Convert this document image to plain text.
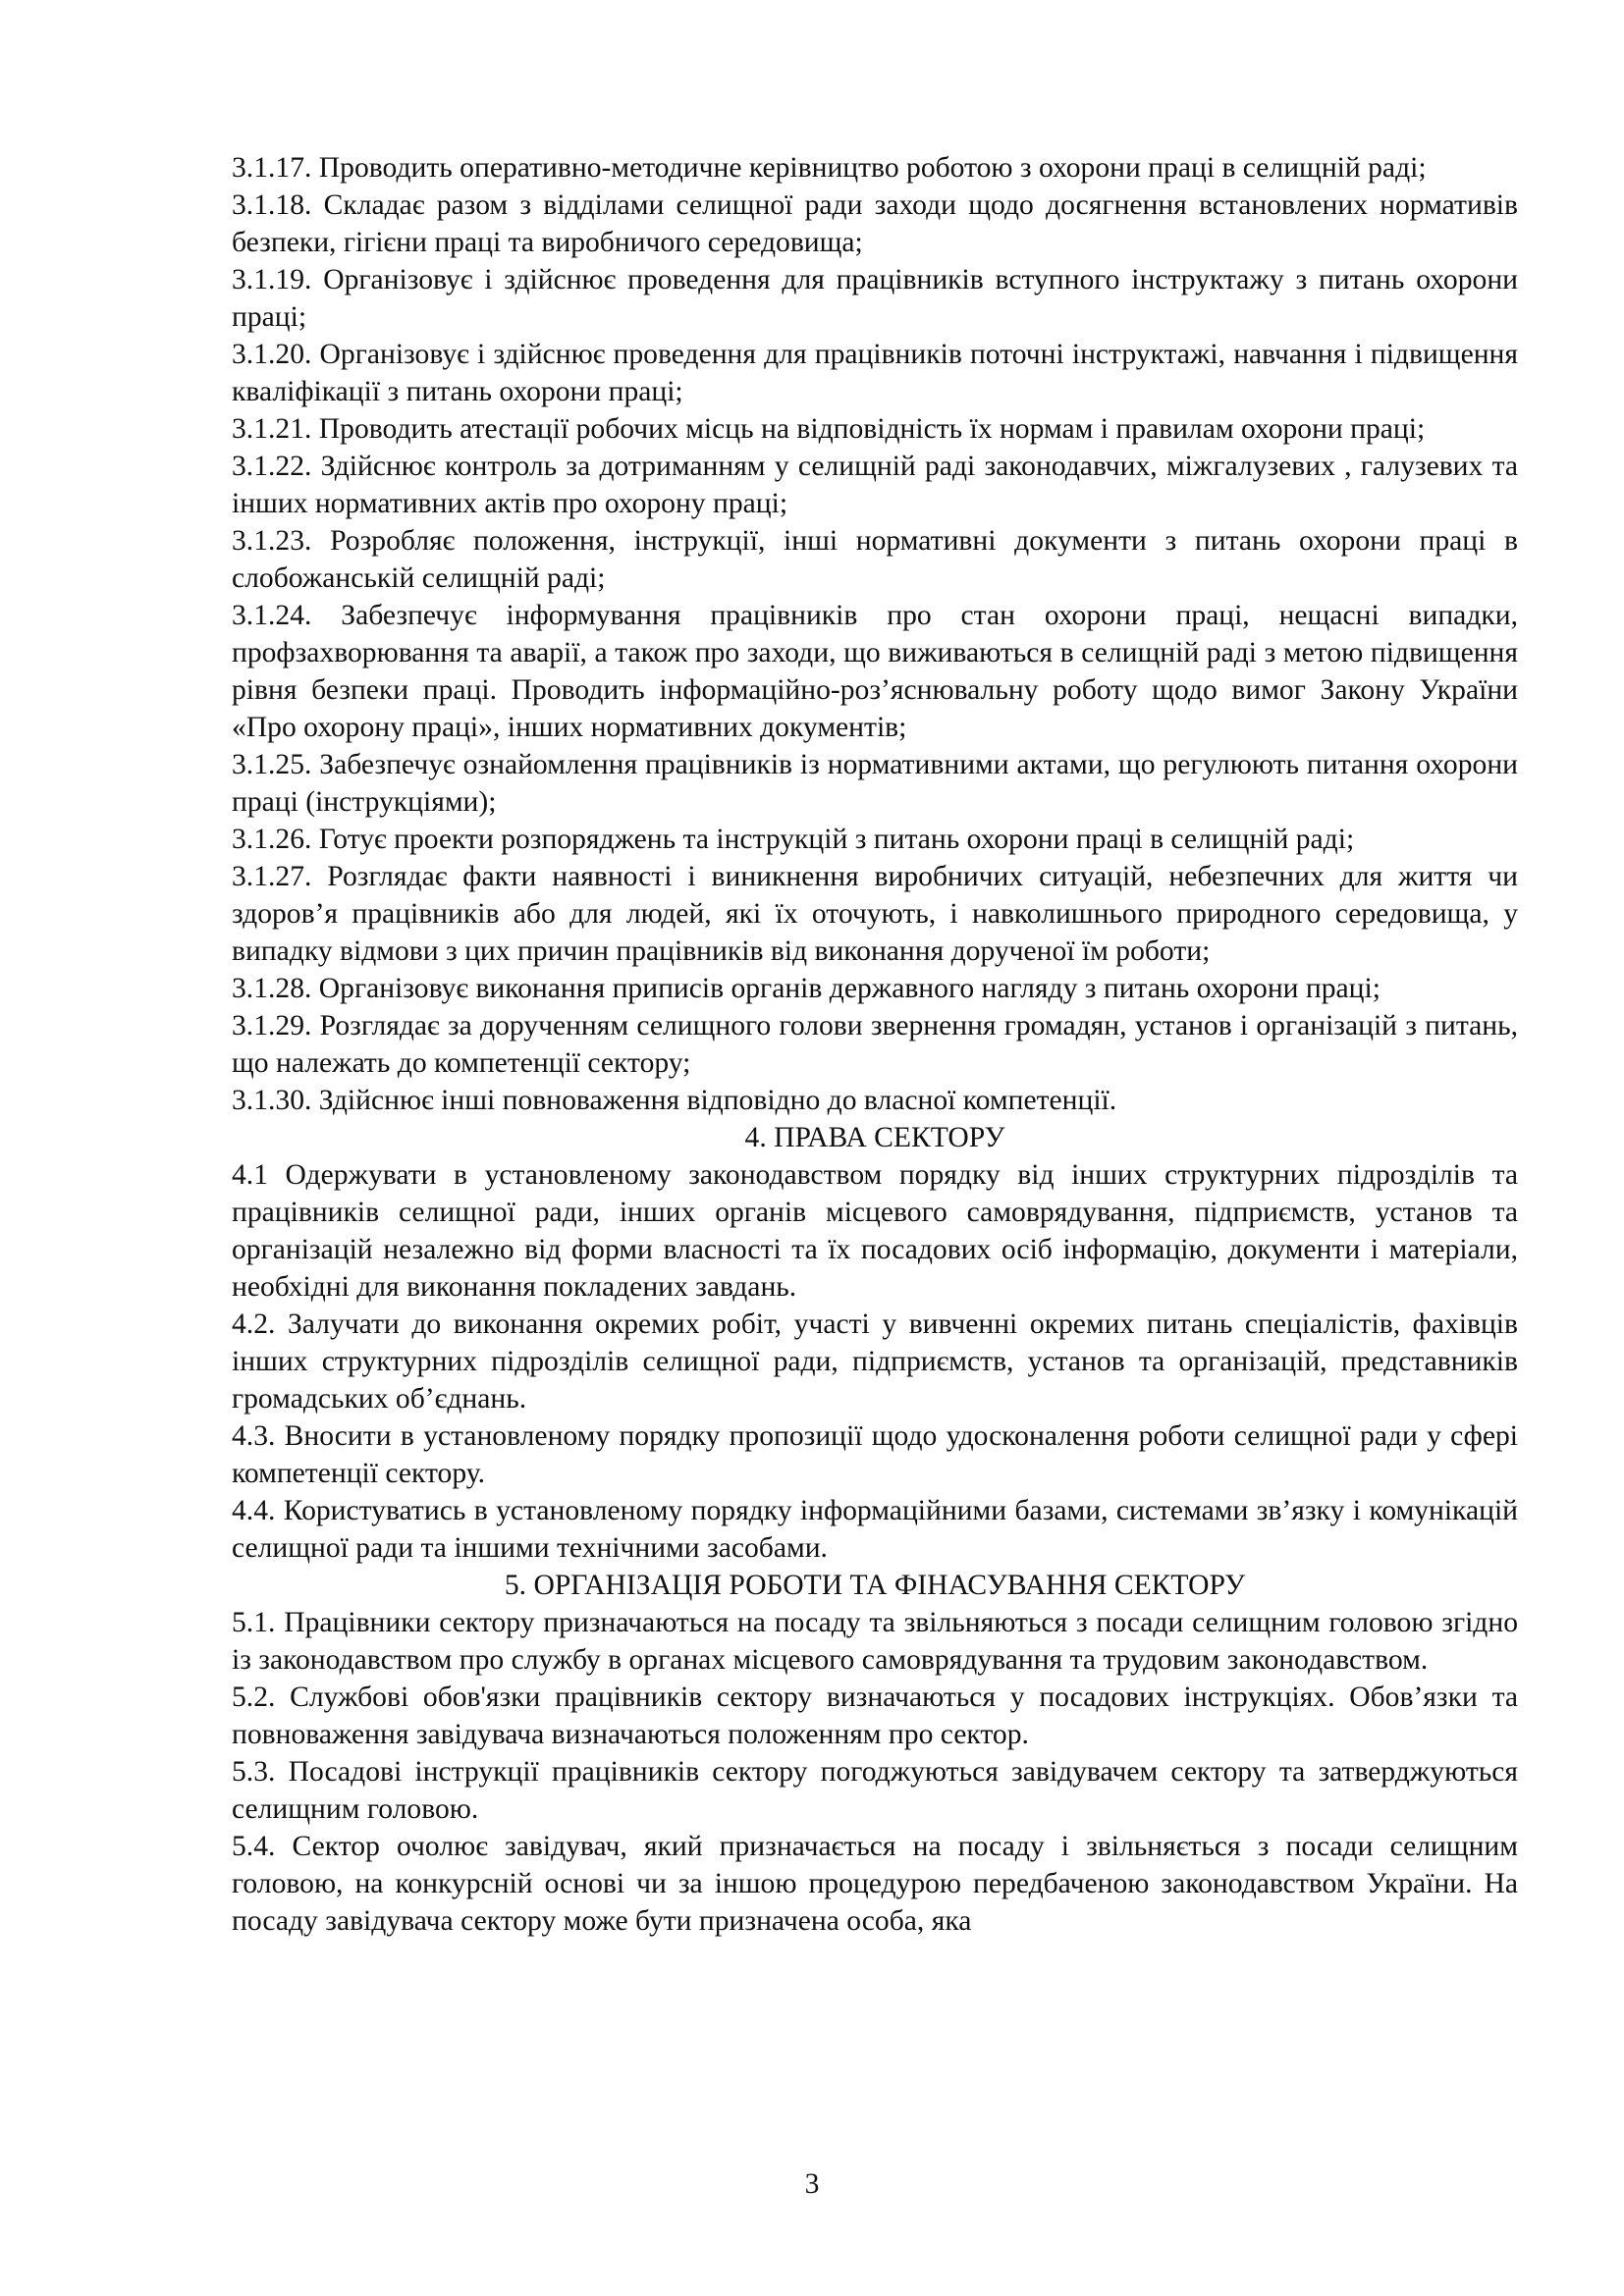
3.1.17. Проводить оперативно-методичне керівництво роботою з охорони праці в селищній раді;

3.1.18. Складає разом з відділами селищної ради заходи щодо досягнення встановлених нормативів безпеки, гігієни праці та виробничого середовища;

3.1.19. Організовує і здійснює проведення для працівників вступного інструктажу з питань охорони праці;

3.1.20. Організовує і здійснює проведення для працівників поточні інструктажі, навчання і підвищення кваліфікації з питань охорони праці;

3.1.21. Проводить атестації робочих місць на відповідність їх нормам і правилам охорони праці;

3.1.22. Здійснює контроль за дотриманням у селищній раді законодавчих, міжгалузевих , галузевих та інших нормативних актів про охорону праці;

3.1.23. Розробляє положення, інструкції, інші нормативні документи з питань охорони праці в слобожанській селищній раді;

3.1.24. Забезпечує інформування працівників про стан охорони праці, нещасні випадки, профзахворювання та аварії, а також про заходи, що виживаються в селищній раді з метою підвищення рівня безпеки праці. Проводить інформаційно-роз’яснювальну роботу щодо вимог Закону України «Про охорону праці», інших нормативних документів;

3.1.25. Забезпечує ознайомлення працівників із нормативними актами, що регулюють питання охорони праці (інструкціями);

3.1.26. Готує проекти розпоряджень та інструкцій з питань охорони праці в селищній раді;

3.1.27. Розглядає факти наявності і виникнення виробничих ситуацій, небезпечних для життя чи здоров’я працівників або для людей, які їх оточують, і навколишнього природного середовища, у випадку відмови з цих причин працівників від виконання дорученої їм роботи;

3.1.28. Організовує виконання приписів органів державного нагляду з питань охорони праці;

3.1.29. Розглядає за дорученням селищного голови звернення громадян, установ і організацій з питань, що належать до компетенції сектору;

3.1.30. Здійснює інші повноваження відповідно до власної компетенції.

4. ПРАВА СЕКТОРУ

4.1 Одержувати в установленому законодавством порядку від інших структурних підрозділів та працівників селищної ради, інших органів місцевого самоврядування, підприємств, установ та організацій незалежно від форми власності та їх посадових осіб інформацію, документи і матеріали, необхідні для виконання покладених завдань.

4.2. Залучати до виконання окремих робіт, участі у вивченні окремих питань спеціалістів, фахівців інших структурних підрозділів селищної ради, підприємств, установ та організацій, представників громадських об’єднань.

4.3. Вносити в установленому порядку пропозиції щодо удосконалення роботи селищної ради у сфері компетенції сектору.

4.4. Користуватись в установленому порядку інформаційними базами, системами зв’язку і комунікацій селищної ради та іншими технічними засобами.

5. ОРГАНІЗАЦІЯ РОБОТИ ТА ФІНАСУВАННЯ СЕКТОРУ

5.1. Працівники сектору призначаються на посаду та звільняються з посади селищним головою згідно із законодавством про службу в органах місцевого самоврядування та трудовим законодавством.

5.2. Службові обов'язки працівників сектору визначаються у посадових інструкціях. Обов’язки та повноваження завідувача визначаються положенням про сектор.

5.3. Посадові інструкції працівників сектору погоджуються завідувачем сектору та затверджуються селищним головою.

5.4. Сектор очолює завідувач, який призначається на посаду і звільняється з посади селищним головою, на конкурсній основі чи за іншою процедурою передбаченою законодавством України. На посаду завідувача сектору може бути призначена особа, яка

3
